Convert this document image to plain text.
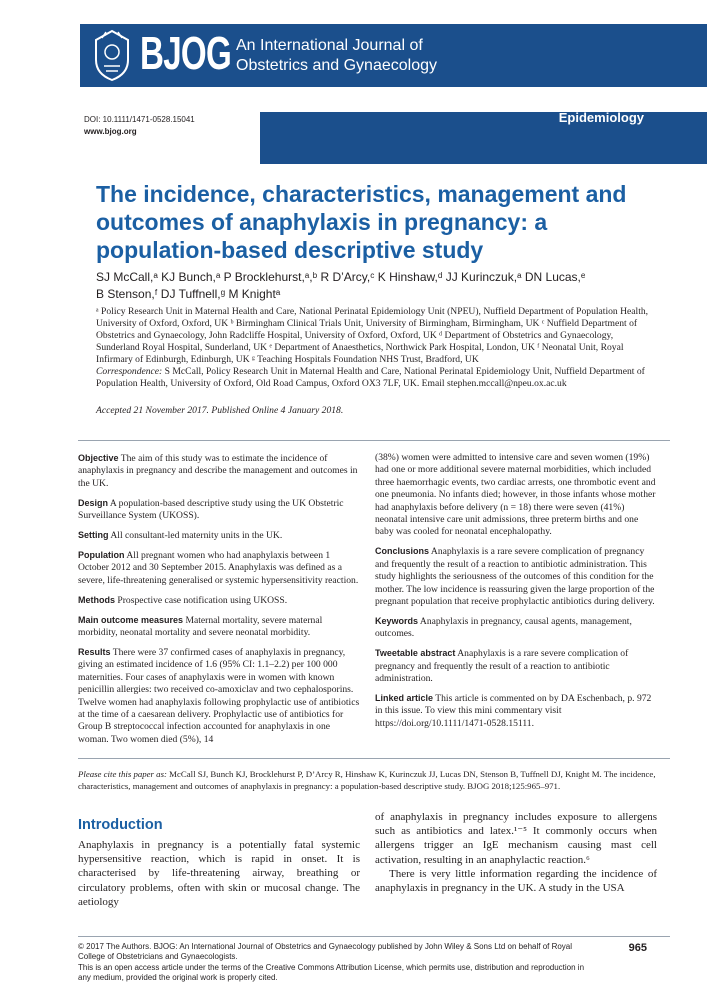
BJOG An International Journal of
Obstetrics and Gynaecology
DOI: 10.1111/1471-0528.15041
www.bjog.org
Epidemiology
The incidence, characteristics, management and outcomes of anaphylaxis in pregnancy: a population-based descriptive study
SJ McCall,ᵃ KJ Bunch,ᵃ P Brocklehurst,ᵃ,ᵇ R D’Arcy,ᶜ K Hinshaw,ᵈ JJ Kurinczuk,ᵃ DN Lucas,ᵉ
B Stenson,ᶠ DJ Tuffnell,ᵍ M Knightᵃ
ᵃ Policy Research Unit in Maternal Health and Care, National Perinatal Epidemiology Unit (NPEU), Nuffield Department of Population Health, University of Oxford, Oxford, UK ᵇ Birmingham Clinical Trials Unit, University of Birmingham, Birmingham, UK ᶜ Nuffield Department of Obstetrics and Gynaecology, John Radcliffe Hospital, University of Oxford, Oxford, UK ᵈ Department of Obstetrics and Gynaecology, Sunderland Royal Hospital, Sunderland, UK ᵉ Department of Anaesthetics, Northwick Park Hospital, London, UK ᶠ Neonatal Unit, Royal Infirmary of Edinburgh, Edinburgh, UK ᵍ Teaching Hospitals Foundation NHS Trust, Bradford, UK
Correspondence: S McCall, Policy Research Unit in Maternal Health and Care, National Perinatal Epidemiology Unit, Nuffield Department of Population Health, University of Oxford, Old Road Campus, Oxford OX3 7LF, UK. Email stephen.mccall@npeu.ox.ac.uk
Accepted 21 November 2017. Published Online 4 January 2018.

Objective The aim of this study was to estimate the incidence of anaphylaxis in pregnancy and describe the management and outcomes in the UK.

Design A population-based descriptive study using the UK Obstetric Surveillance System (UKOSS).

Setting All consultant-led maternity units in the UK.

Population All pregnant women who had anaphylaxis between 1 October 2012 and 30 September 2015. Anaphylaxis was defined as a severe, life-threatening generalised or systemic hypersensitivity reaction.

Methods Prospective case notification using UKOSS.

Main outcome measures Maternal mortality, severe maternal morbidity, neonatal mortality and severe neonatal morbidity.

Results There were 37 confirmed cases of anaphylaxis in pregnancy, giving an estimated incidence of 1.6 (95% CI: 1.1–2.2) per 100 000 maternities. Four cases of anaphylaxis were in women with known penicillin allergies: two received co-amoxiclav and two cephalosporins. Twelve women had anaphylaxis following prophylactic use of antibiotics at the time of a caesarean delivery. Prophylactic use of antibiotics for Group B streptococcal infection accounted for anaphylaxis in one woman. Two women died (5%), 14

(38%) women were admitted to intensive care and seven women (19%) had one or more additional severe maternal morbidities, which included three haemorrhagic events, two cardiac arrests, one thrombotic event and one pneumonia. No infants died; however, in those infants whose mother had anaphylaxis before delivery (n = 18) there were seven (41%) neonatal intensive care unit admissions, three preterm births and one baby was cooled for neonatal encephalopathy.

Conclusions Anaphylaxis is a rare severe complication of pregnancy and frequently the result of a reaction to antibiotic administration. This study highlights the seriousness of the outcomes of this condition for the mother. The low incidence is reassuring given the large proportion of the pregnant population that receive prophylactic antibiotics during delivery.

Keywords Anaphylaxis in pregnancy, causal agents, management, outcomes.

Tweetable abstract Anaphylaxis is a rare severe complication of pregnancy and frequently the result of a reaction to antibiotic administration.

Linked article This article is commented on by DA Eschenbach, p. 972 in this issue. To view this mini commentary visit https://doi.org/10.1111/1471-0528.15111.

Please cite this paper as: McCall SJ, Bunch KJ, Brocklehurst P, D’Arcy R, Hinshaw K, Kurinczuk JJ, Lucas DN, Stenson B, Tuffnell DJ, Knight M. The incidence, characteristics, management and outcomes of anaphylaxis in pregnancy: a population-based descriptive study. BJOG 2018;125:965–971.
Introduction

Anaphylaxis in pregnancy is a potentially fatal systemic hypersensitive reaction, which is rapid in onset. It is characterised by life-threatening airway, breathing or circulatory problems, often with skin or mucosal change. The aetiology

of anaphylaxis in pregnancy includes exposure to allergens such as antibiotics and latex.¹⁻⁵ It commonly occurs when allergens trigger an IgE mechanism causing mast cell activation, resulting in an anaphylactic reaction.⁶

There is very little information regarding the incidence of anaphylaxis in pregnancy in the UK. A study in the USA

© 2017 The Authors. BJOG: An International Journal of Obstetrics and Gynaecology published by John Wiley & Sons Ltd on behalf of Royal College of Obstetricians and Gynaecologists.
This is an open access article under the terms of the Creative Commons Attribution License, which permits use, distribution and reproduction in any medium, provided the original work is properly cited.
965
